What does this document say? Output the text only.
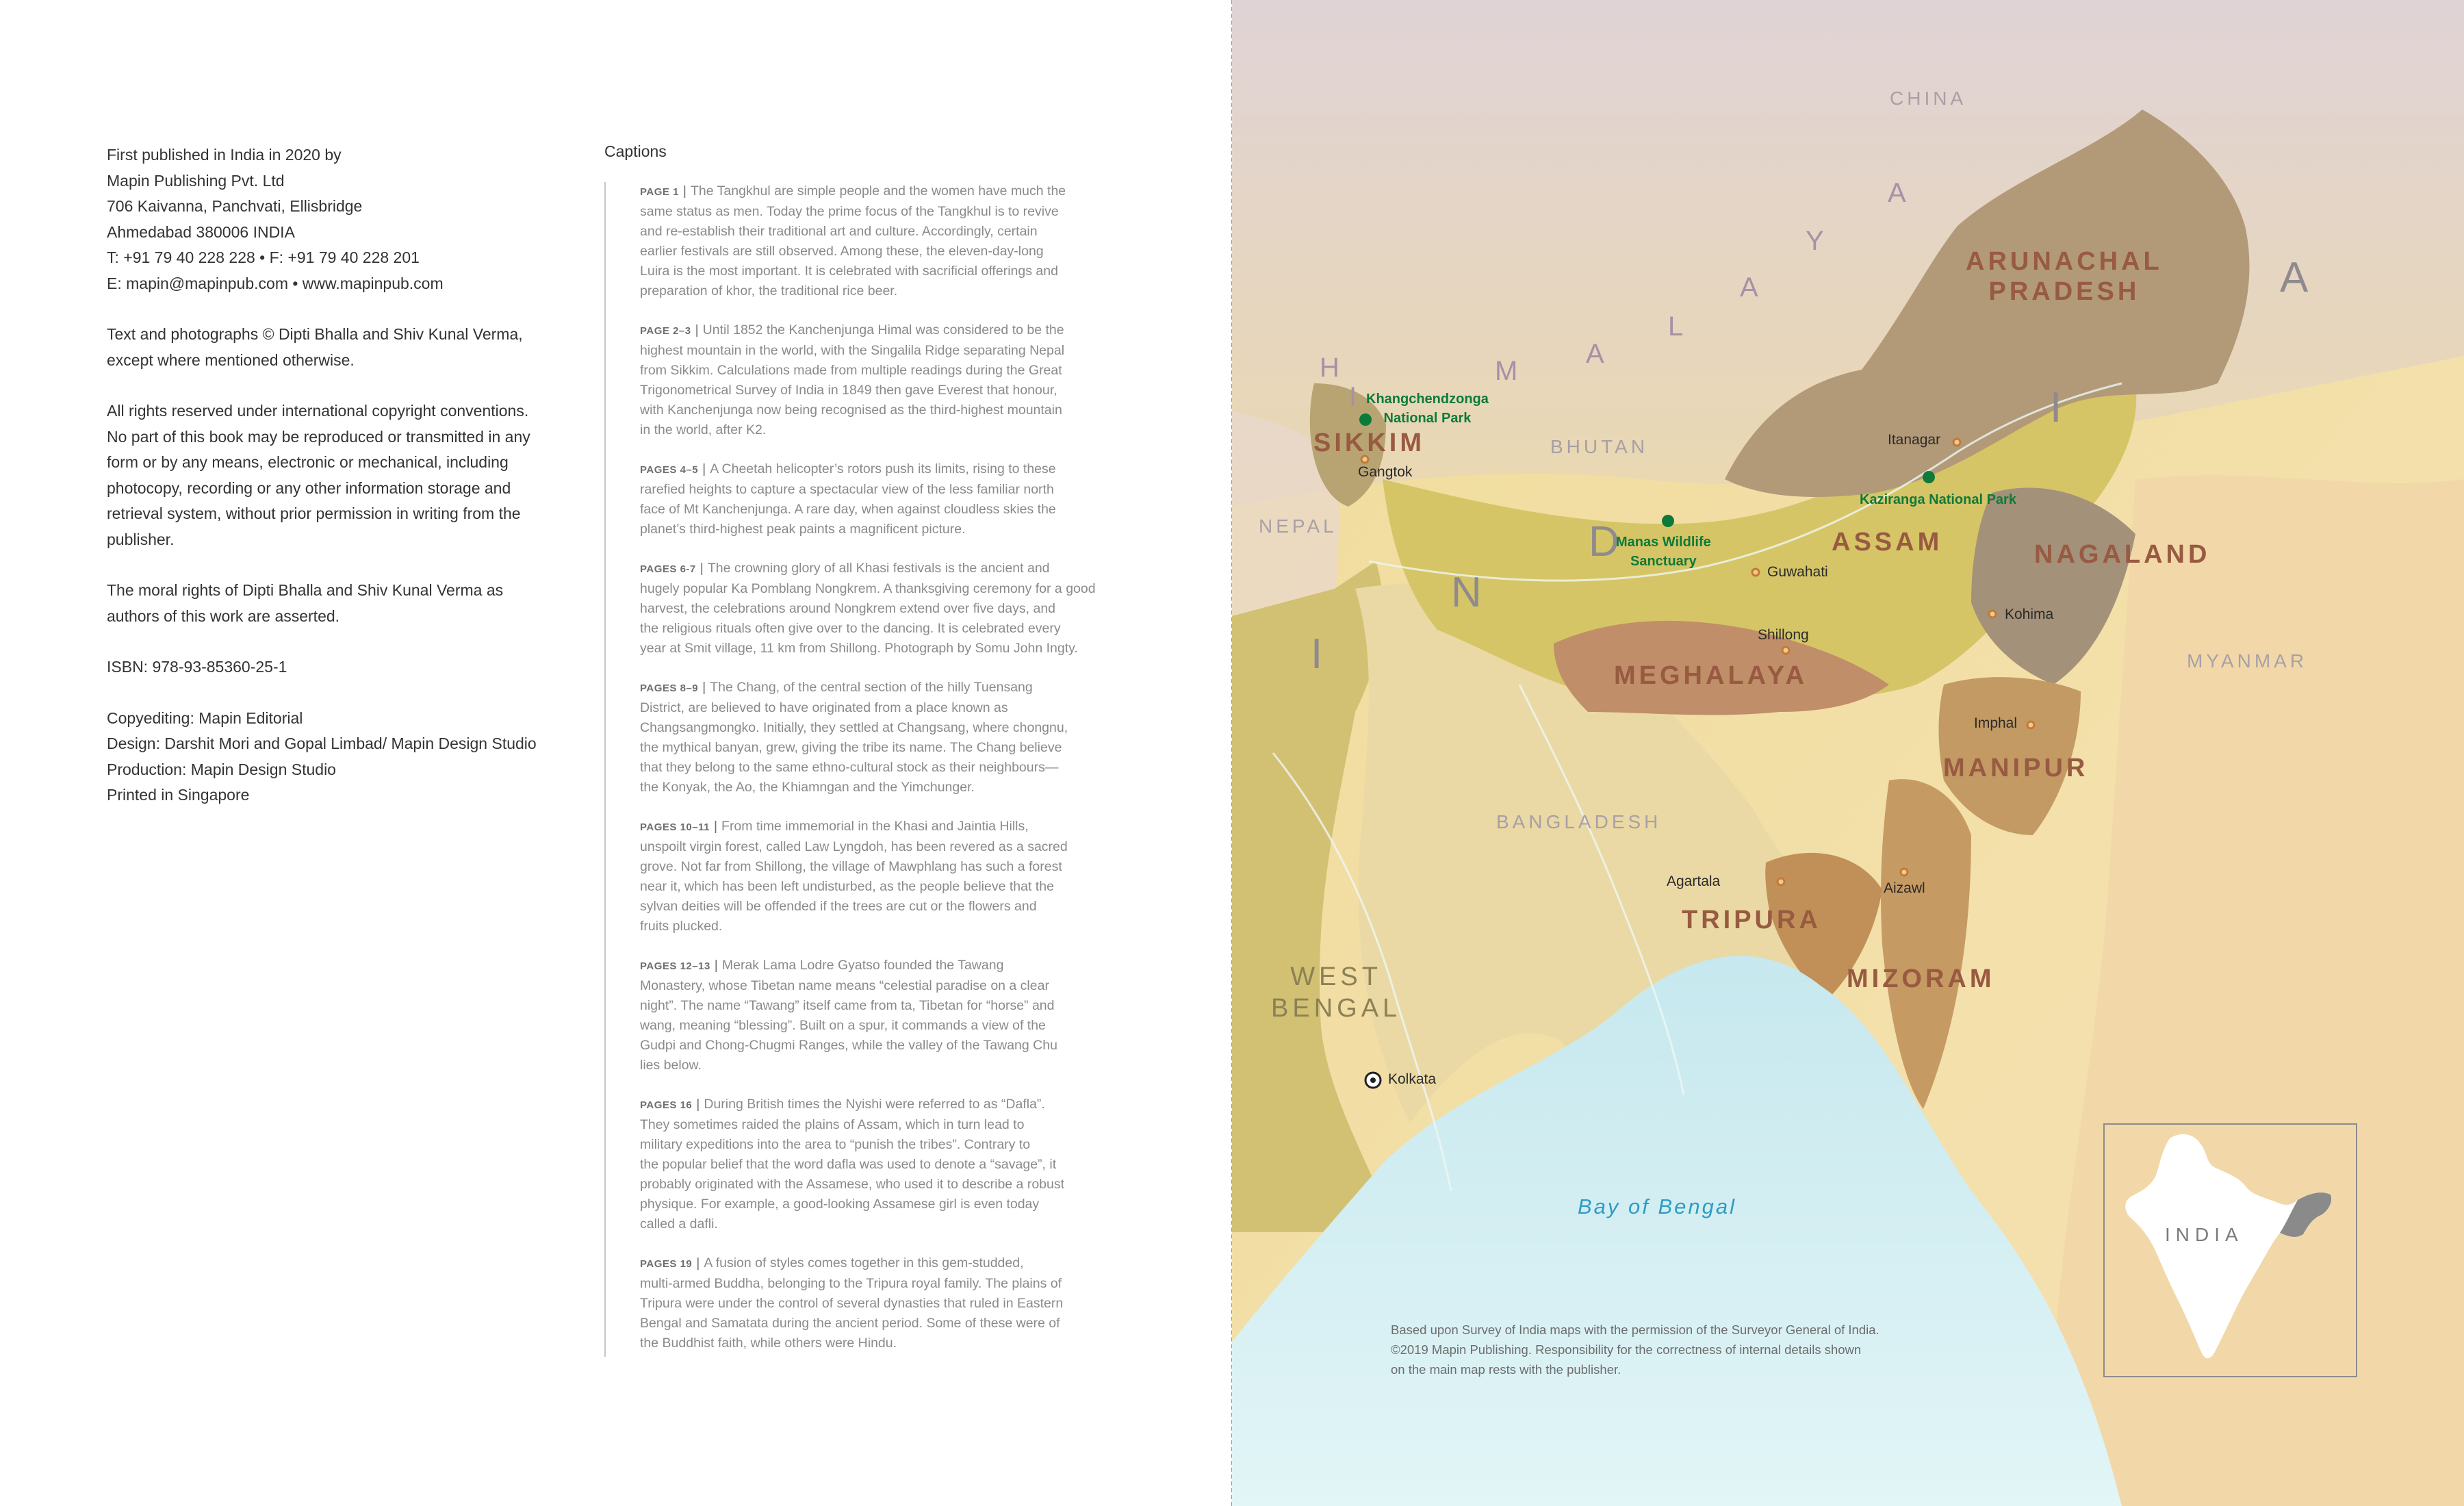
First published in India in 2020 by
Mapin Publishing Pvt. Ltd
706 Kaivanna, Panchvati, Ellisbridge
Ahmedabad 380006 INDIA
T: +91 79 40 228 228 • F: +91 79 40 228 201
E: mapin@mapinpub.com • www.mapinpub.com

Text and photographs © Dipti Bhalla and Shiv Kunal Verma,
except where mentioned otherwise.

All rights reserved under international copyright conventions.
No part of this book may be reproduced or transmitted in any
form or by any means, electronic or mechanical, including
photocopy, recording or any other information storage and
retrieval system, without prior permission in writing from the
publisher.

The moral rights of Dipti Bhalla and Shiv Kunal Verma as
authors of this work are asserted.

ISBN: 978-93-85360-25-1

Copyediting: Mapin Editorial
Design: Darshit Mori and Gopal Limbad/ Mapin Design Studio
Production: Mapin Design Studio
Printed in Singapore

Captions

PAGE 1 | The Tangkhul are simple people and the women have much the
same status as men. Today the prime focus of the Tangkhul is to revive
and re-establish their traditional art and culture. Accordingly, certain
earlier festivals are still observed. Among these, the eleven-day-long
Luira is the most important. It is celebrated with sacrificial offerings and
preparation of khor, the traditional rice beer.

PAGE 2–3 | Until 1852 the Kanchenjunga Himal was considered to be the
highest mountain in the world, with the Singalila Ridge separating Nepal
from Sikkim. Calculations made from multiple readings during the Great
Trigonometrical Survey of India in 1849 then gave Everest that honour,
with Kanchenjunga now being recognised as the third-highest mountain
in the world, after K2.

PAGES 4–5 | A Cheetah helicopter’s rotors push its limits, rising to these
rarefied heights to capture a spectacular view of the less familiar north
face of Mt Kanchenjunga. A rare day, when against cloudless skies the
planet’s third-highest peak paints a magnificent picture.

PAGES 6-7 | The crowning glory of all Khasi festivals is the ancient and
hugely popular Ka Pomblang Nongkrem. A thanksgiving ceremony for a good
harvest, the celebrations around Nongkrem extend over five days, and
the religious rituals often give over to the dancing. It is celebrated every
year at Smit village, 11 km from Shillong. Photograph by Somu John Ingty.

PAGES 8–9 | The Chang, of the central section of the hilly Tuensang
District, are believed to have originated from a place known as
Changsangmongko. Initially, they settled at Changsang, where chongnu,
the mythical banyan, grew, giving the tribe its name. The Chang believe
that they belong to the same ethno-cultural stock as their neighbours—
the Konyak, the Ao, the Khiamngan and the Yimchunger.

PAGES 10–11 | From time immemorial in the Khasi and Jaintia Hills,
unspoilt virgin forest, called Law Lyngdoh, has been revered as a sacred
grove. Not far from Shillong, the village of Mawphlang has such a forest
near it, which has been left undisturbed, as the people believe that the
sylvan deities will be offended if the trees are cut or the flowers and
fruits plucked.

PAGES 12–13 | Merak Lama Lodre Gyatso founded the Tawang
Monastery, whose Tibetan name means “celestial paradise on a clear
night”. The name “Tawang” itself came from ta, Tibetan for “horse” and
wang, meaning “blessing”. Built on a spur, it commands a view of the
Gudpi and Chong-Chugmi Ranges, while the valley of the Tawang Chu
lies below.

PAGES 16 | During British times the Nyishi were referred to as “Dafla”.
They sometimes raided the plains of Assam, which in turn lead to
military expeditions into the area to “punish the tribes”. Contrary to
the popular belief that the word dafla was used to denote a “savage”, it
probably originated with the Assamese, who used it to describe a robust
physique. For example, a good-looking Assamese girl is even today
called a dafli.

PAGES 19 | A fusion of styles comes together in this gem-studded,
multi-armed Buddha, belonging to the Tripura royal family. The plains of
Tripura were under the control of several dynasties that ruled in Eastern
Bengal and Samatata during the ancient period. Some of these were of
the Buddhist faith, while others were Hindu.

CHINA
BHUTAN
NEPAL
MYANMAR
BANGLADESH
H
I
M
A
L
A
Y
A
I
N
D
I
A
ARUNACHAL
PRADESH
SIKKIM
ASSAM	NAGALAND
MEGHALAYA
MANIPUR
TRIPURA
MIZORAM
WEST
BENGAL
Khangchendzonga
National Park
Manas Wildlife
Sanctuary
Kaziranga National Park
Gangtok
Itanagar
Guwahati
Shillong
Kohima
Imphal
Agartala	Aizawl
Kolkata
Bay of Bengal
Based upon Survey of India maps with the permission of the Surveyor General of India.
©2019 Mapin Publishing. Responsibility for the correctness of internal details shown
on the main map rests with the publisher.
INDIA
